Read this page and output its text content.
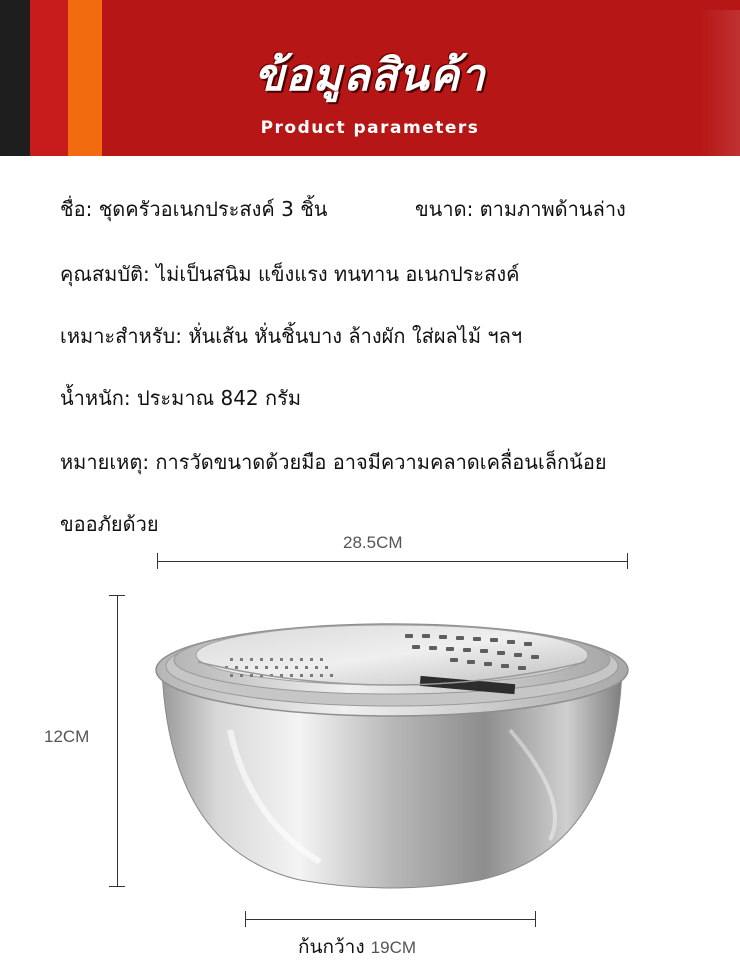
ข้อมูลสินค้า
Product parameters
ชื่อ: ชุดครัวอเนกประสงค์ 3 ชิ้น	ขนาด: ตามภาพด้านล่าง
คุณสมบัติ: ไม่เป็นสนิม แข็งแรง ทนทาน อเนกประสงค์
เหมาะสำหรับ: หั่นเส้น หั่นชิ้นบาง ล้างผัก ใส่ผลไม้ ฯลฯ
น้ำหนัก: ประมาณ 842 กรัม
หมายเหตุ: การวัดขนาดด้วยมือ อาจมีความคลาดเคลื่อนเล็กน้อย
ขออภัยด้วย
28.5CM
12CM
ก้นกว้าง 19CM
